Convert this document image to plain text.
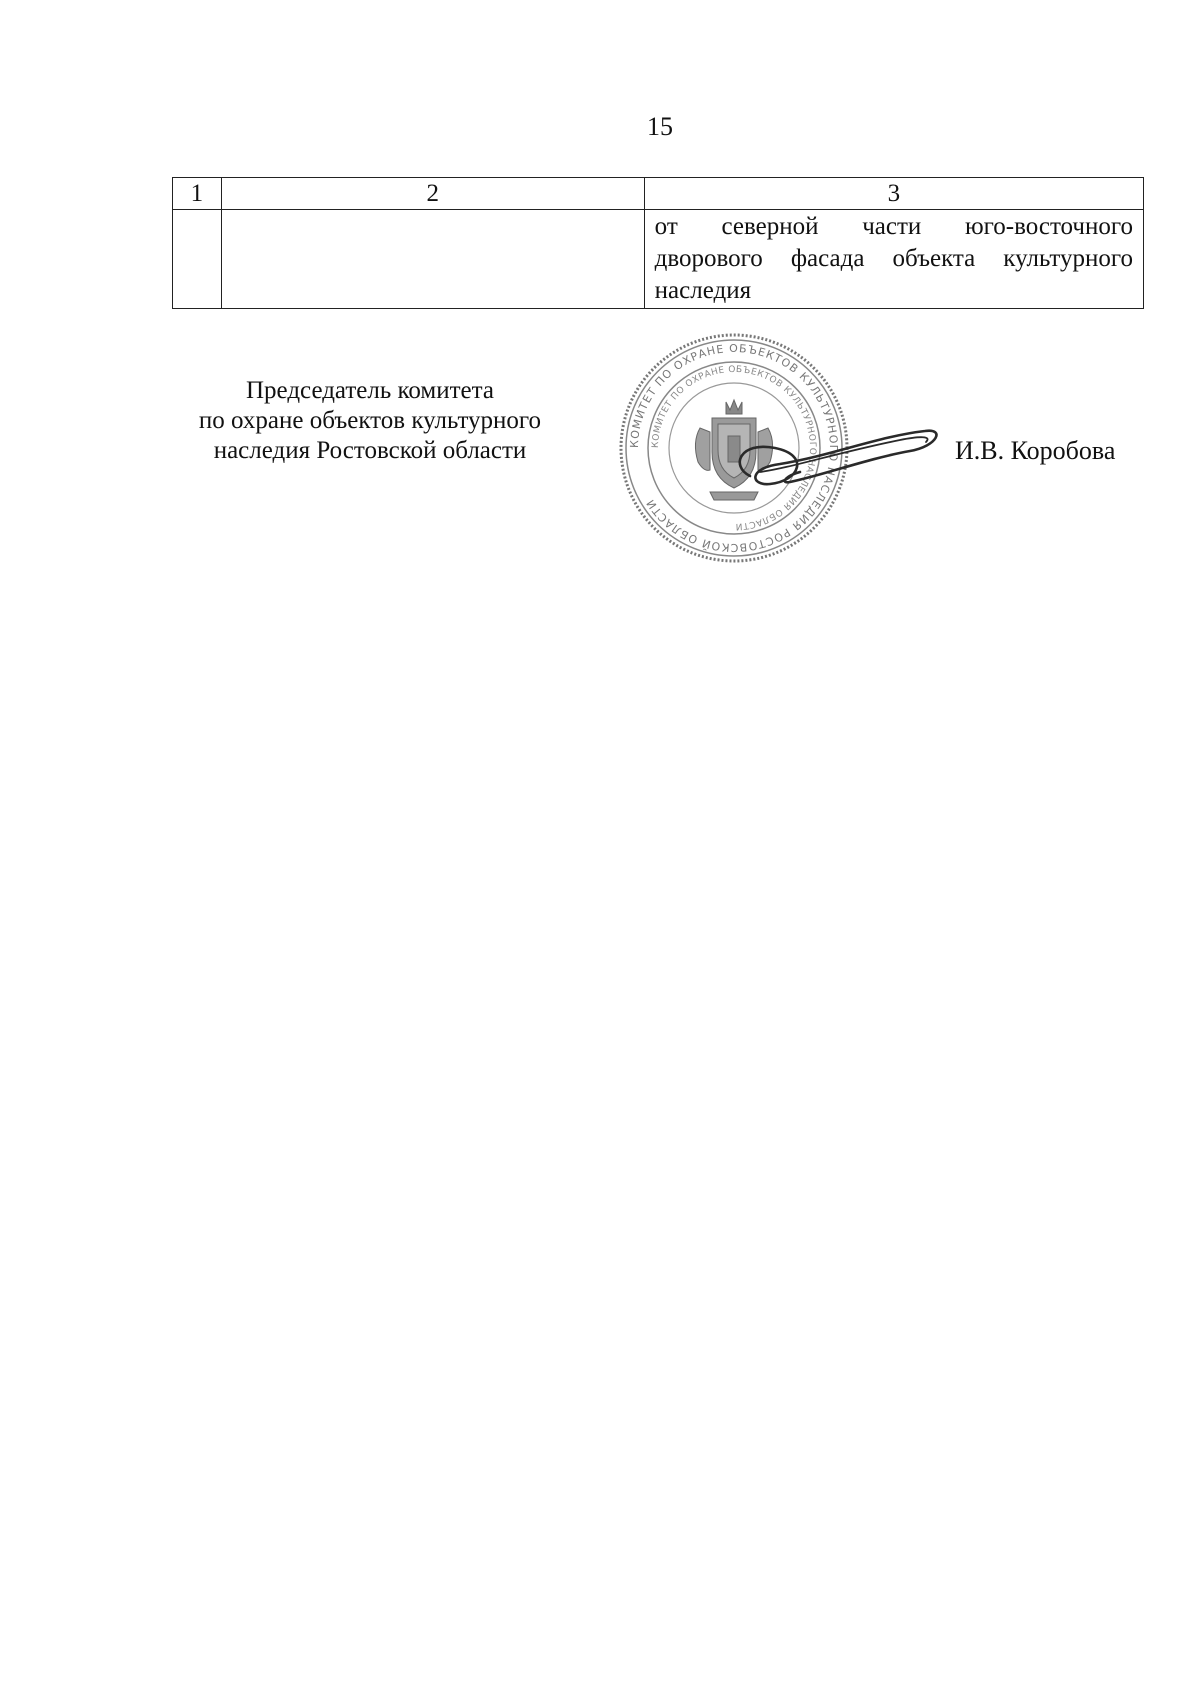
15
1	2	3
		от северной части юго-восточного дворового фасада объекта культурного наследия
Председатель комитета
по охране объектов культурного
наследия Ростовской области	КОМИТЕТ ПО ОХРАНЕ ОБЪЕКТОВ КУЛЬТУРНОГО НАСЛЕДИЯ РОСТОВСКОЙ ОБЛАСТИ
КОМИТЕТ ПО ОХРАНЕ ОБЪЕКТОВ КУЛЬТУРНОГО НАСЛЕДИЯ ОБЛАСТИ
И.В. Коробова
